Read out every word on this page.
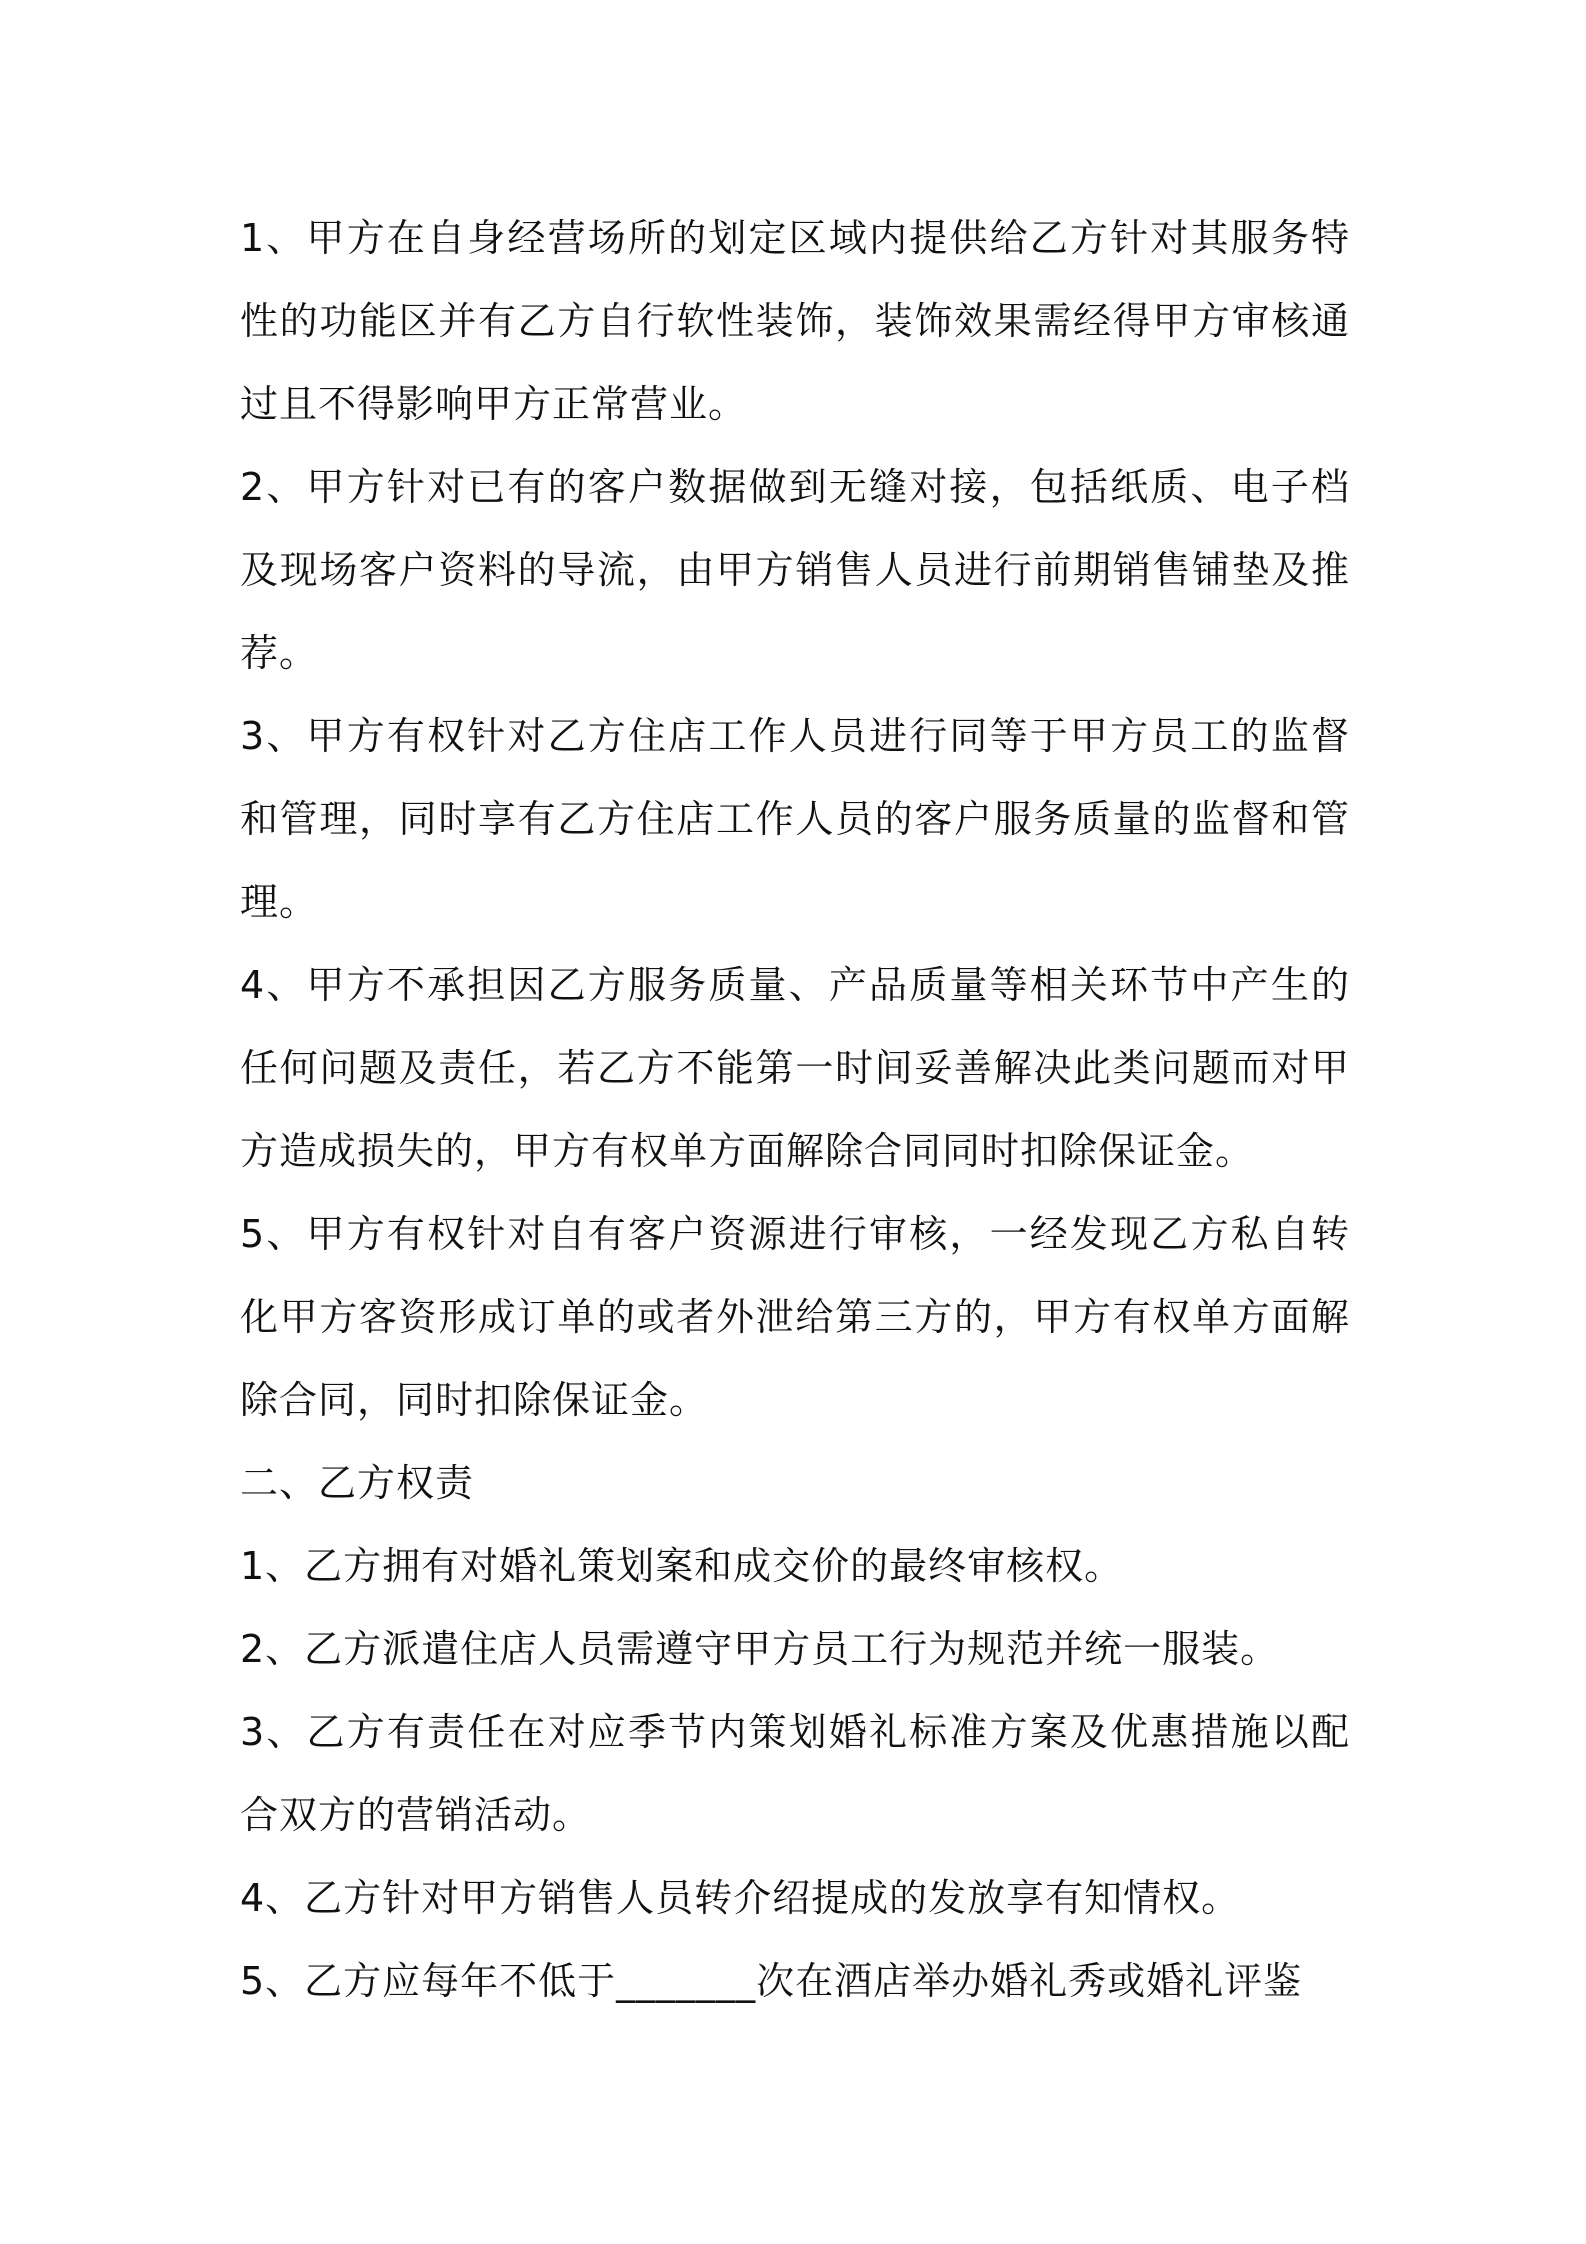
1、甲方在自身经营场所的划定区域内提供给乙方针对其服务特性的功能区并有乙方自行软性装饰，装饰效果需经得甲方审核通过且不得影响甲方正常营业。

2、甲方针对已有的客户数据做到无缝对接，包括纸质、电子档及现场客户资料的导流，由甲方销售人员进行前期销售铺垫及推荐。

3、甲方有权针对乙方住店工作人员进行同等于甲方员工的监督和管理，同时享有乙方住店工作人员的客户服务质量的监督和管理。

4、甲方不承担因乙方服务质量、产品质量等相关环节中产生的任何问题及责任，若乙方不能第一时间妥善解决此类问题而对甲方造成损失的，甲方有权单方面解除合同同时扣除保证金。

5、甲方有权针对自有客户资源进行审核，一经发现乙方私自转化甲方客资形成订单的或者外泄给第三方的，甲方有权单方面解除合同，同时扣除保证金。

二、乙方权责

1、乙方拥有对婚礼策划案和成交价的最终审核权。

2、乙方派遣住店人员需遵守甲方员工行为规范并统一服装。

3、乙方有责任在对应季节内策划婚礼标准方案及优惠措施以配合双方的营销活动。

4、乙方针对甲方销售人员转介绍提成的发放享有知情权。

5、乙方应每年不低于_______次在酒店举办婚礼秀或婚礼评鉴
